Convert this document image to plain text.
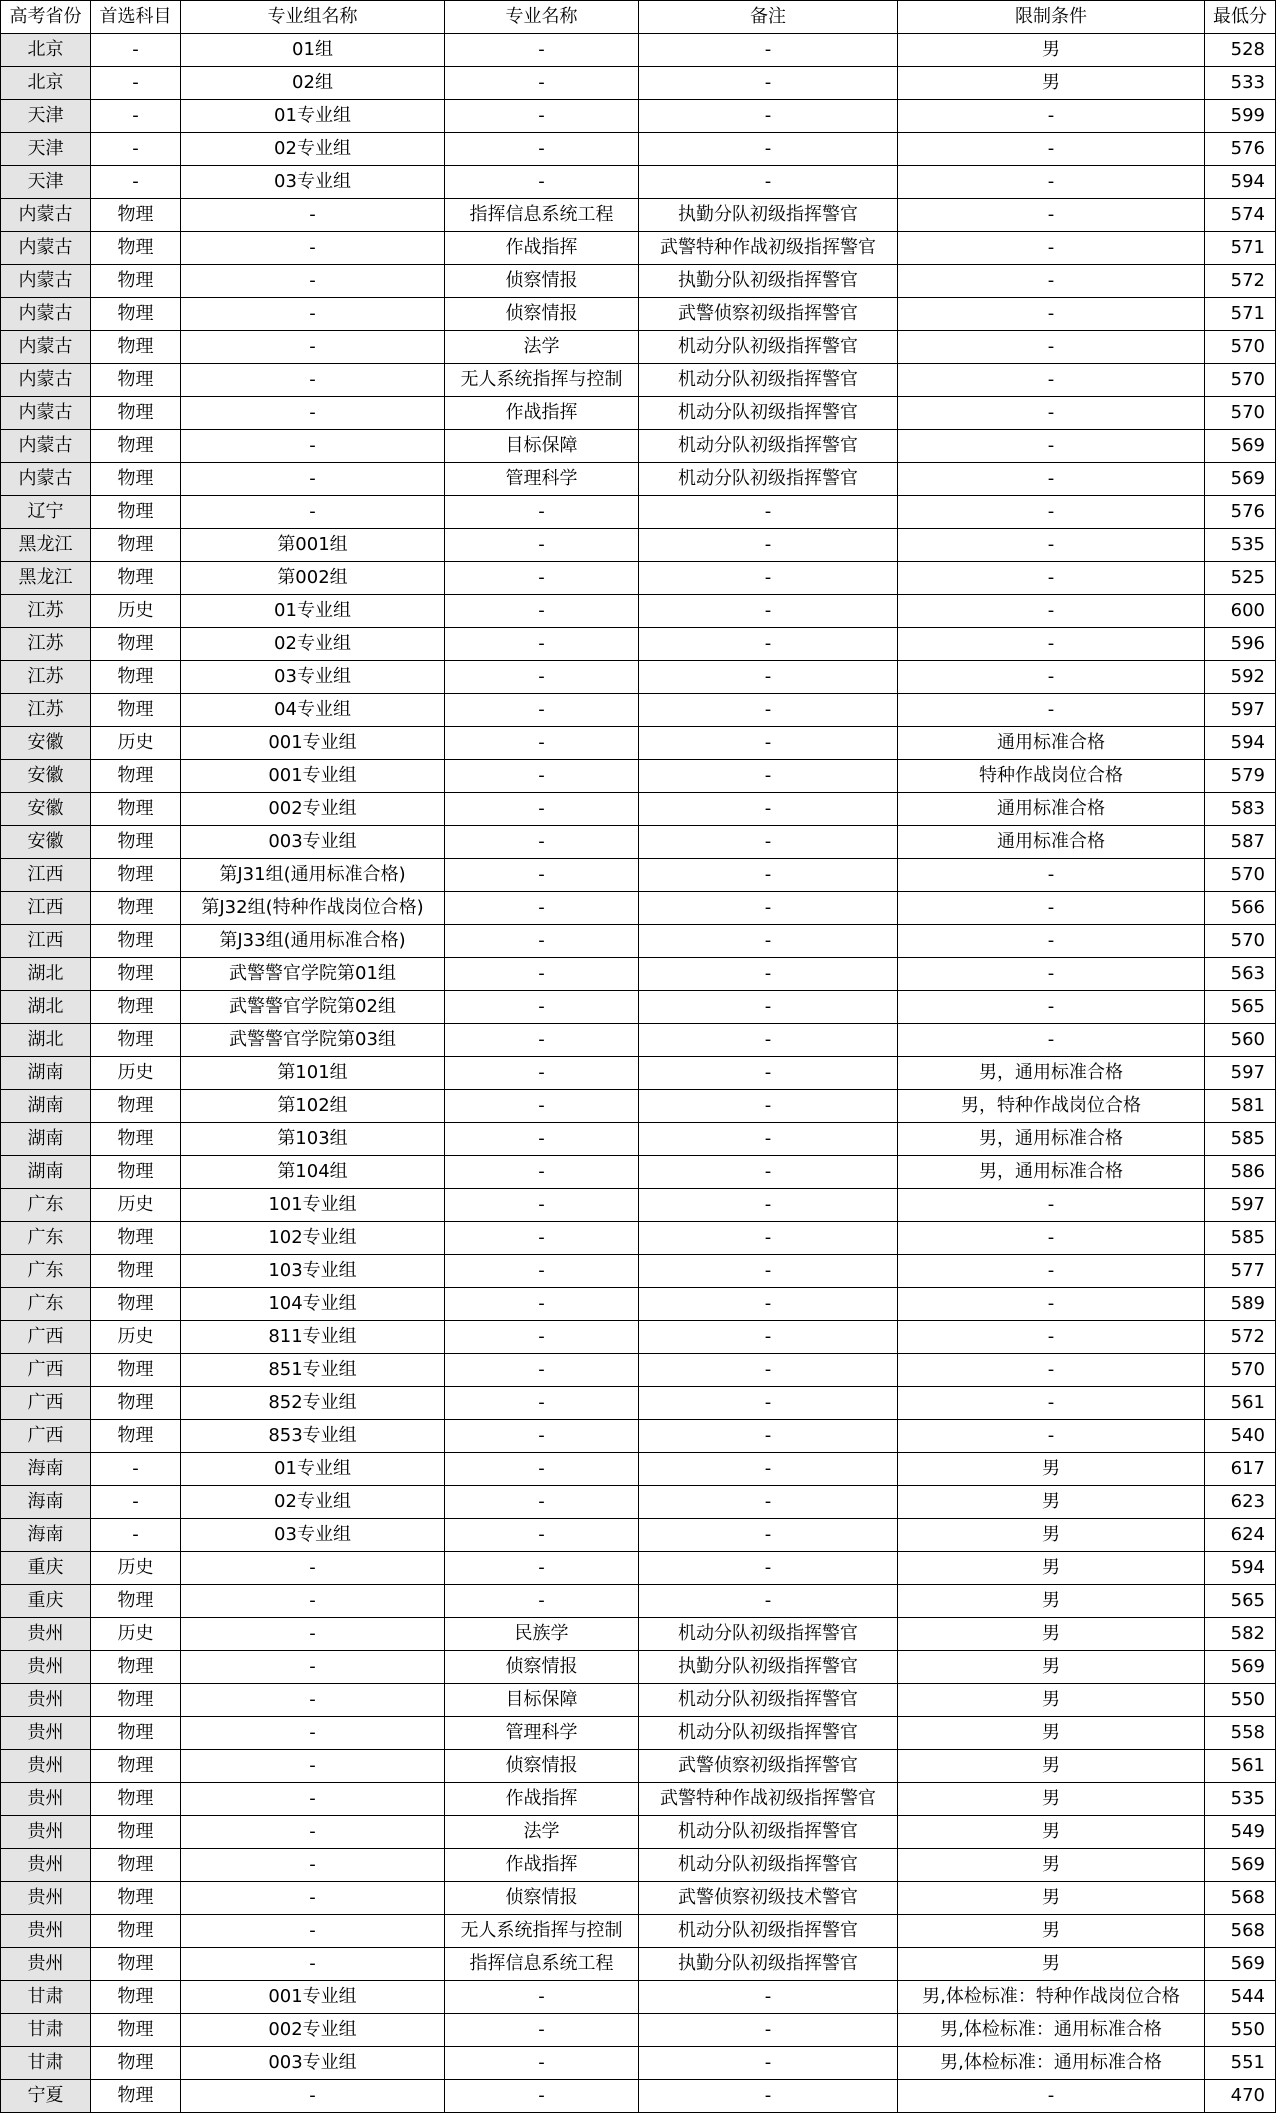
高考省份	首选科目	专业组名称	专业名称	备注	限制条件	最低分
北京	-	01组	-	-	男	528
北京	-	02组	-	-	男	533
天津	-	01专业组	-	-	-	599
天津	-	02专业组	-	-	-	576
天津	-	03专业组	-	-	-	594
内蒙古	物理	-	指挥信息系统工程	执勤分队初级指挥警官	-	574
内蒙古	物理	-	作战指挥	武警特种作战初级指挥警官	-	571
内蒙古	物理	-	侦察情报	执勤分队初级指挥警官	-	572
内蒙古	物理	-	侦察情报	武警侦察初级指挥警官	-	571
内蒙古	物理	-	法学	机动分队初级指挥警官	-	570
内蒙古	物理	-	无人系统指挥与控制	机动分队初级指挥警官	-	570
内蒙古	物理	-	作战指挥	机动分队初级指挥警官	-	570
内蒙古	物理	-	目标保障	机动分队初级指挥警官	-	569
内蒙古	物理	-	管理科学	机动分队初级指挥警官	-	569
辽宁	物理	-	-	-	-	576
黑龙江	物理	第001组	-	-	-	535
黑龙江	物理	第002组	-	-	-	525
江苏	历史	01专业组	-	-	-	600
江苏	物理	02专业组	-	-	-	596
江苏	物理	03专业组	-	-	-	592
江苏	物理	04专业组	-	-	-	597
安徽	历史	001专业组	-	-	通用标准合格	594
安徽	物理	001专业组	-	-	特种作战岗位合格	579
安徽	物理	002专业组	-	-	通用标准合格	583
安徽	物理	003专业组	-	-	通用标准合格	587
江西	物理	第J31组(通用标准合格)	-	-	-	570
江西	物理	第J32组(特种作战岗位合格)	-	-	-	566
江西	物理	第J33组(通用标准合格)	-	-	-	570
湖北	物理	武警警官学院第01组	-	-	-	563
湖北	物理	武警警官学院第02组	-	-	-	565
湖北	物理	武警警官学院第03组	-	-	-	560
湖南	历史	第101组	-	-	男，通用标准合格	597
湖南	物理	第102组	-	-	男，特种作战岗位合格	581
湖南	物理	第103组	-	-	男，通用标准合格	585
湖南	物理	第104组	-	-	男，通用标准合格	586
广东	历史	101专业组	-	-	-	597
广东	物理	102专业组	-	-	-	585
广东	物理	103专业组	-	-	-	577
广东	物理	104专业组	-	-	-	589
广西	历史	811专业组	-	-	-	572
广西	物理	851专业组	-	-	-	570
广西	物理	852专业组	-	-	-	561
广西	物理	853专业组	-	-	-	540
海南	-	01专业组	-	-	男	617
海南	-	02专业组	-	-	男	623
海南	-	03专业组	-	-	男	624
重庆	历史	-	-	-	男	594
重庆	物理	-	-	-	男	565
贵州	历史	-	民族学	机动分队初级指挥警官	男	582
贵州	物理	-	侦察情报	执勤分队初级指挥警官	男	569
贵州	物理	-	目标保障	机动分队初级指挥警官	男	550
贵州	物理	-	管理科学	机动分队初级指挥警官	男	558
贵州	物理	-	侦察情报	武警侦察初级指挥警官	男	561
贵州	物理	-	作战指挥	武警特种作战初级指挥警官	男	535
贵州	物理	-	法学	机动分队初级指挥警官	男	549
贵州	物理	-	作战指挥	机动分队初级指挥警官	男	569
贵州	物理	-	侦察情报	武警侦察初级技术警官	男	568
贵州	物理	-	无人系统指挥与控制	机动分队初级指挥警官	男	568
贵州	物理	-	指挥信息系统工程	执勤分队初级指挥警官	男	569
甘肃	物理	001专业组	-	-	男,体检标准：特种作战岗位合格	544
甘肃	物理	002专业组	-	-	男,体检标准：通用标准合格	550
甘肃	物理	003专业组	-	-	男,体检标准：通用标准合格	551
宁夏	物理	-	-	-	-	470
